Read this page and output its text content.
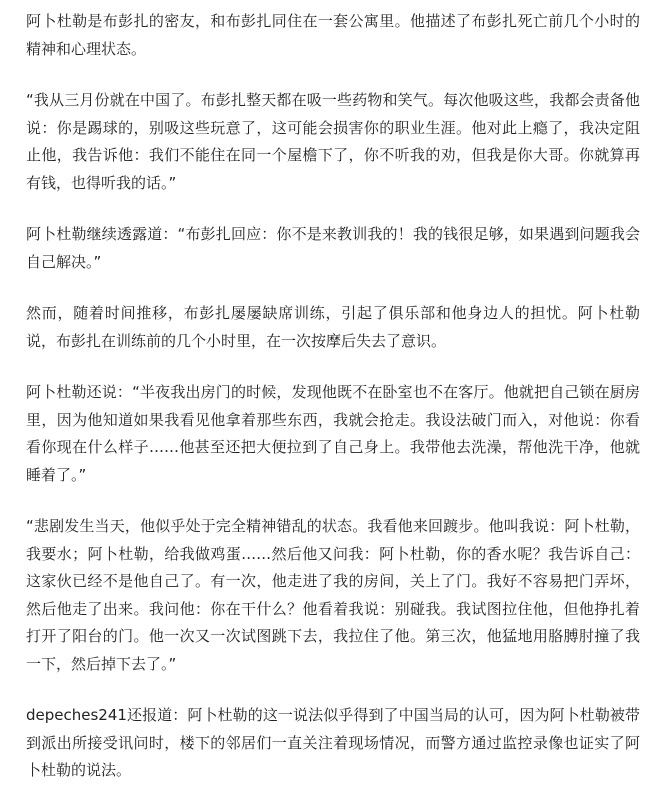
阿卜杜勒是布彭扎的密友，和布彭扎同住在一套公寓里。他描述了布彭扎死亡前几个小时的精神和心理状态。

“我从三月份就在中国了。布彭扎整天都在吸一些药物和笑气。每次他吸这些，我都会责备他说：你是踢球的，别吸这些玩意了，这可能会损害你的职业生涯。他对此上瘾了，我决定阻止他，我告诉他：我们不能住在同一个屋檐下了，你不听我的劝，但我是你大哥。你就算再有钱，也得听我的话。”

阿卜杜勒继续透露道：“布彭扎回应：你不是来教训我的！我的钱很足够，如果遇到问题我会自己解决。”

然而，随着时间推移，布彭扎屡屡缺席训练，引起了俱乐部和他身边人的担忧。阿卜杜勒说，布彭扎在训练前的几个小时里，在一次按摩后失去了意识。

阿卜杜勒还说：“半夜我出房门的时候，发现他既不在卧室也不在客厅。他就把自己锁在厨房里，因为他知道如果我看见他拿着那些东西，我就会抢走。我设法破门而入，对他说：你看看你现在什么样子……他甚至还把大便拉到了自己身上。我带他去洗澡，帮他洗干净，他就睡着了。”

“悲剧发生当天，他似乎处于完全精神错乱的状态。我看他来回踱步。他叫我说：阿卜杜勒，我要水；阿卜杜勒，给我做鸡蛋……然后他又问我：阿卜杜勒，你的香水呢？我告诉自己：这家伙已经不是他自己了。有一次，他走进了我的房间，关上了门。我好不容易把门弄坏，然后他走了出来。我问他：你在干什么？他看着我说：别碰我。我试图拉住他，但他挣扎着打开了阳台的门。他一次又一次试图跳下去，我拉住了他。第三次，他猛地用胳膊肘撞了我一下，然后掉下去了。”

depeches241还报道：阿卜杜勒的这一说法似乎得到了中国当局的认可，因为阿卜杜勒被带到派出所接受讯问时，楼下的邻居们一直关注着现场情况，而警方通过监控录像也证实了阿卜杜勒的说法。
